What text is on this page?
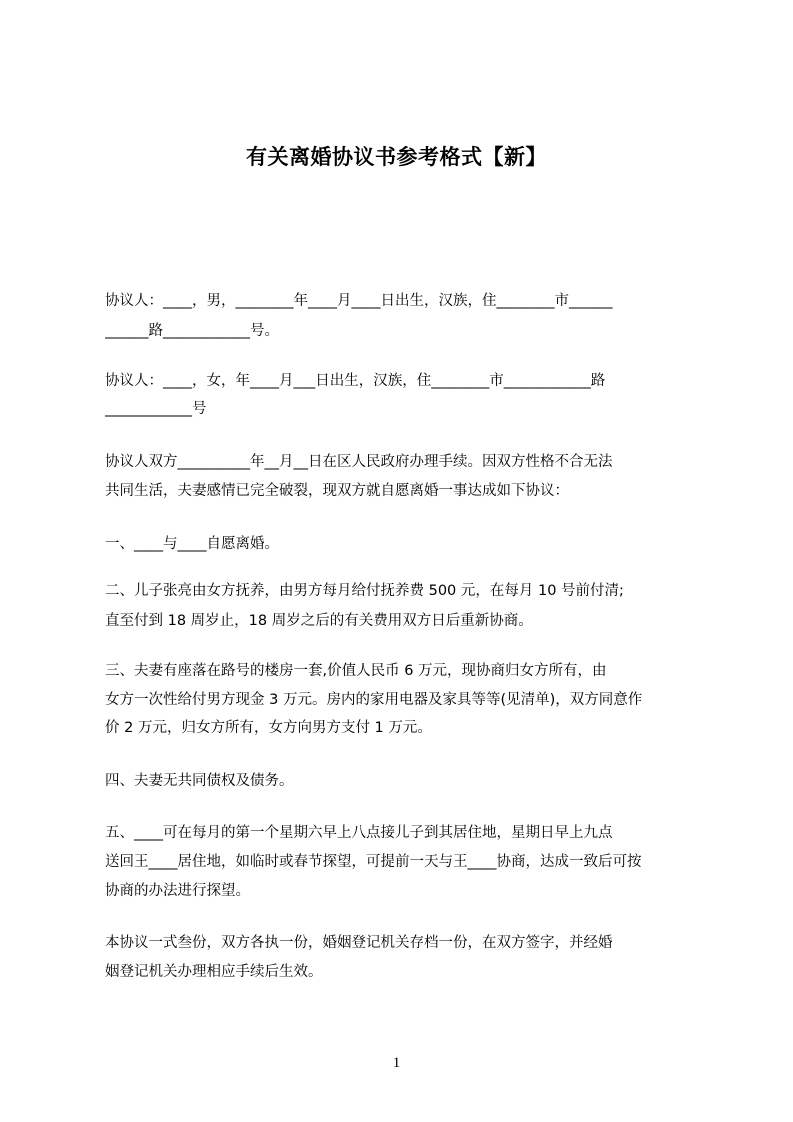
有关离婚协议书参考格式【新】
协议人：____，男，________年____月____日出生，汉族，住________市______
______路____________号。
协议人：____，女，年____月___日出生，汉族，住________市____________路
____________号
协议人双方__________年__月__日在区人民政府办理手续。因双方性格不合无法
共同生活，夫妻感情已完全破裂，现双方就自愿离婚一事达成如下协议：
一、____与____自愿离婚。
二、儿子张亮由女方抚养，由男方每月给付抚养费 500 元，在每月 10 号前付清;
直至付到 18 周岁止，18 周岁之后的有关费用双方日后重新协商。
三、夫妻有座落在路号的楼房一套,价值人民币 6 万元，现协商归女方所有，由
女方一次性给付男方现金 3 万元。房内的家用电器及家具等等(见清单)，双方同意作
价 2 万元，归女方所有，女方向男方支付 1 万元。
四、夫妻无共同债权及债务。
五、____可在每月的第一个星期六早上八点接儿子到其居住地，星期日早上九点
送回王____居住地，如临时或春节探望，可提前一天与王____协商，达成一致后可按
协商的办法进行探望。
本协议一式叁份，双方各执一份，婚姻登记机关存档一份，在双方签字，并经婚
姻登记机关办理相应手续后生效。
1
